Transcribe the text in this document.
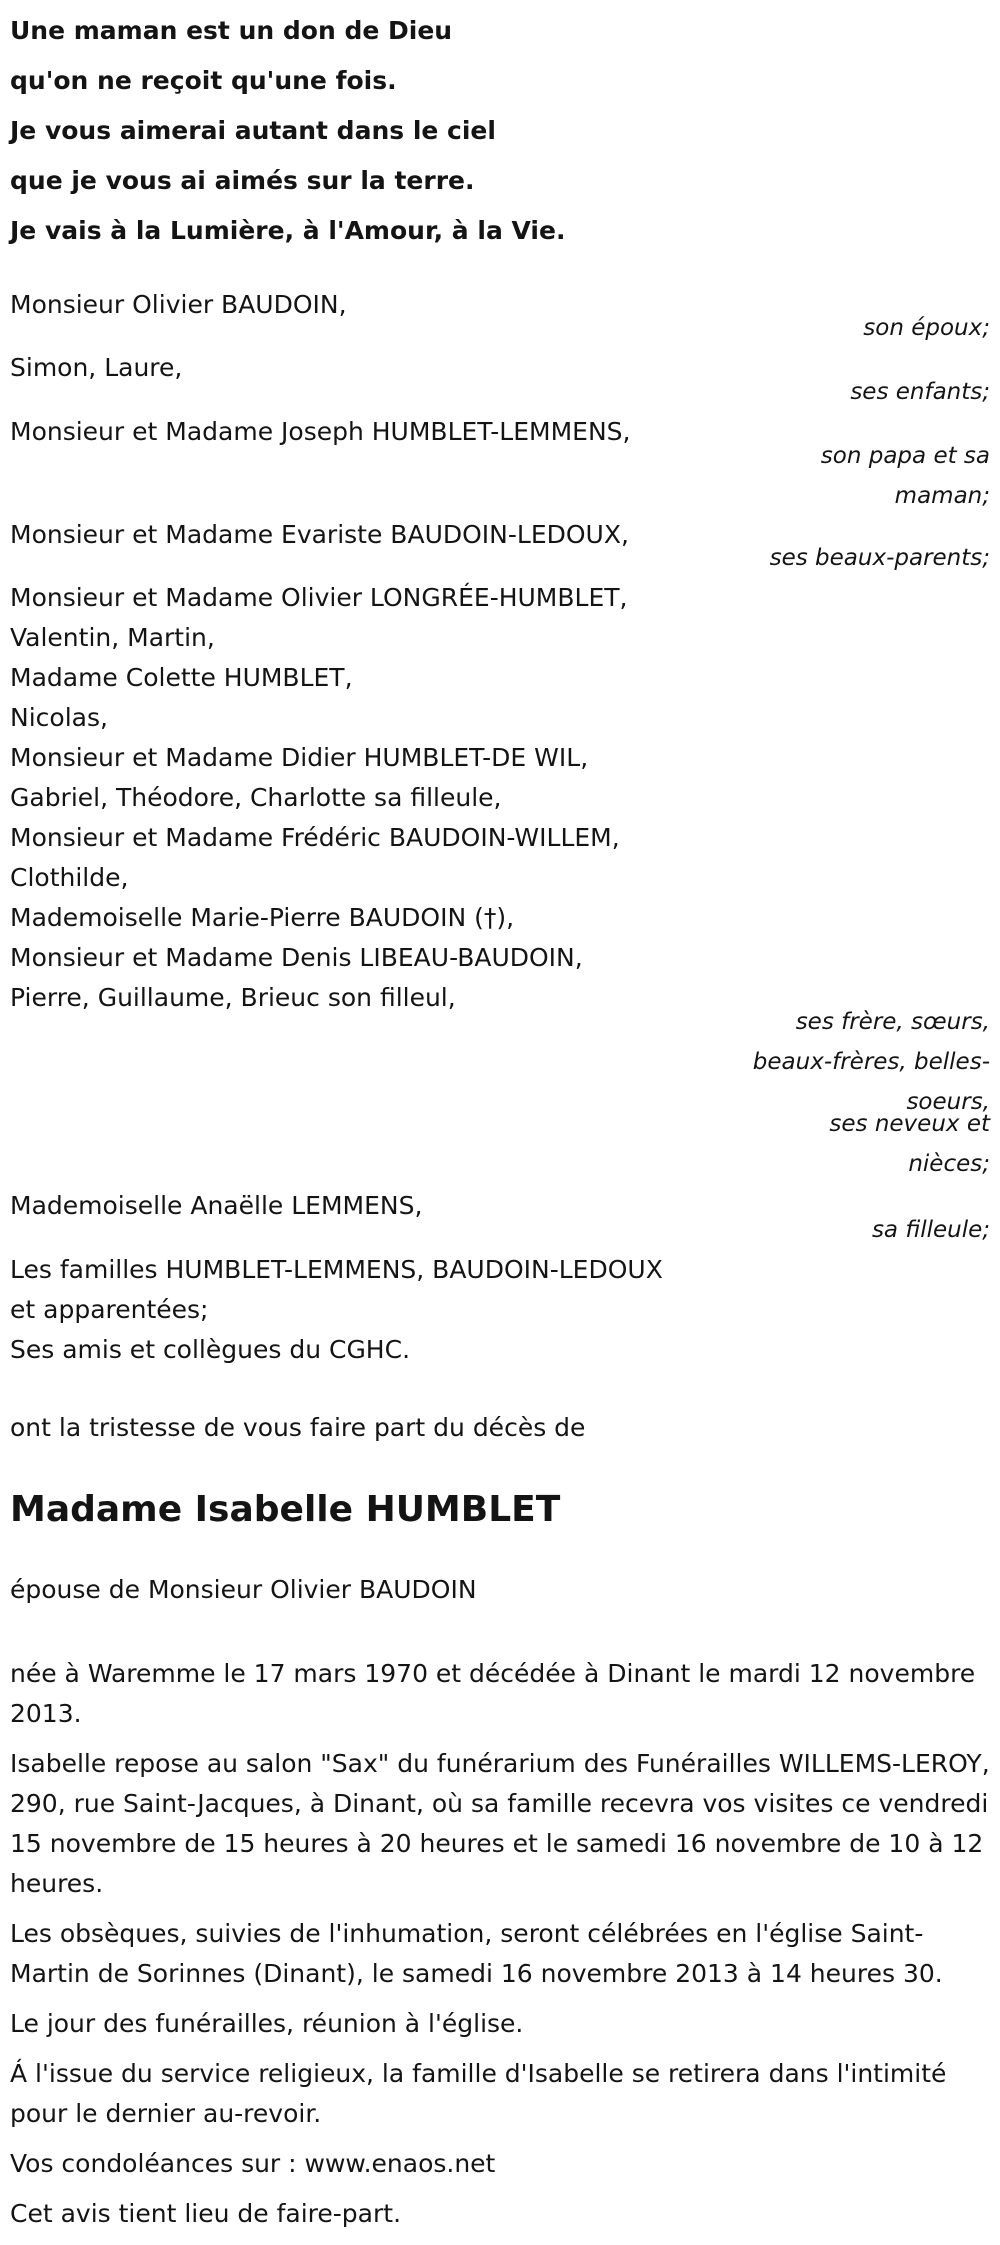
Une maman est un don de Dieu
qu'on ne reçoit qu'une fois.
Je vous aimerai autant dans le ciel
que je vous ai aimés sur la terre.
Je vais à la Lumière, à l'Amour, à la Vie.
Monsieur Olivier BAUDOIN,
son époux;
Simon, Laure,
ses enfants;
Monsieur et Madame Joseph HUMBLET-LEMMENS,
son papa et sa
maman;
Monsieur et Madame Evariste BAUDOIN-LEDOUX,
ses beaux-parents;
Monsieur et Madame Olivier LONGRÉE-HUMBLET,
Valentin, Martin,
Madame Colette HUMBLET,
Nicolas,
Monsieur et Madame Didier HUMBLET-DE WIL,
Gabriel, Théodore, Charlotte sa filleule,
Monsieur et Madame Frédéric BAUDOIN-WILLEM,
Clothilde,
Mademoiselle Marie-Pierre BAUDOIN (†),
Monsieur et Madame Denis LIBEAU-BAUDOIN,
Pierre, Guillaume, Brieuc son filleul,
ses frère, sœurs,
beaux-frères, belles-
soeurs,
ses neveux et
nièces;
Mademoiselle Anaëlle LEMMENS,
sa filleule;
Les familles HUMBLET-LEMMENS, BAUDOIN-LEDOUX
et apparentées;
Ses amis et collègues du CGHC.
ont la tristesse de vous faire part du décès de
Madame Isabelle HUMBLET
épouse de Monsieur Olivier BAUDOIN
née à Waremme le 17 mars 1970 et décédée à Dinant le mardi 12 novembre 2013.
Isabelle repose au salon "Sax" du funérarium des Funérailles WILLEMS-LEROY, 290, rue Saint-Jacques, à Dinant, où sa famille recevra vos visites ce vendredi 15 novembre de 15 heures à 20 heures et le samedi 16 novembre de 10 à 12 heures.
Les obsèques, suivies de l'inhumation, seront célébrées en l'église Saint-Martin de Sorinnes (Dinant), le samedi 16 novembre 2013 à 14 heures 30.
Le jour des funérailles, réunion à l'église.
Á l'issue du service religieux, la famille d'Isabelle se retirera dans l'intimité pour le dernier au-revoir.
Vos condoléances sur : www.enaos.net
Cet avis tient lieu de faire-part.
